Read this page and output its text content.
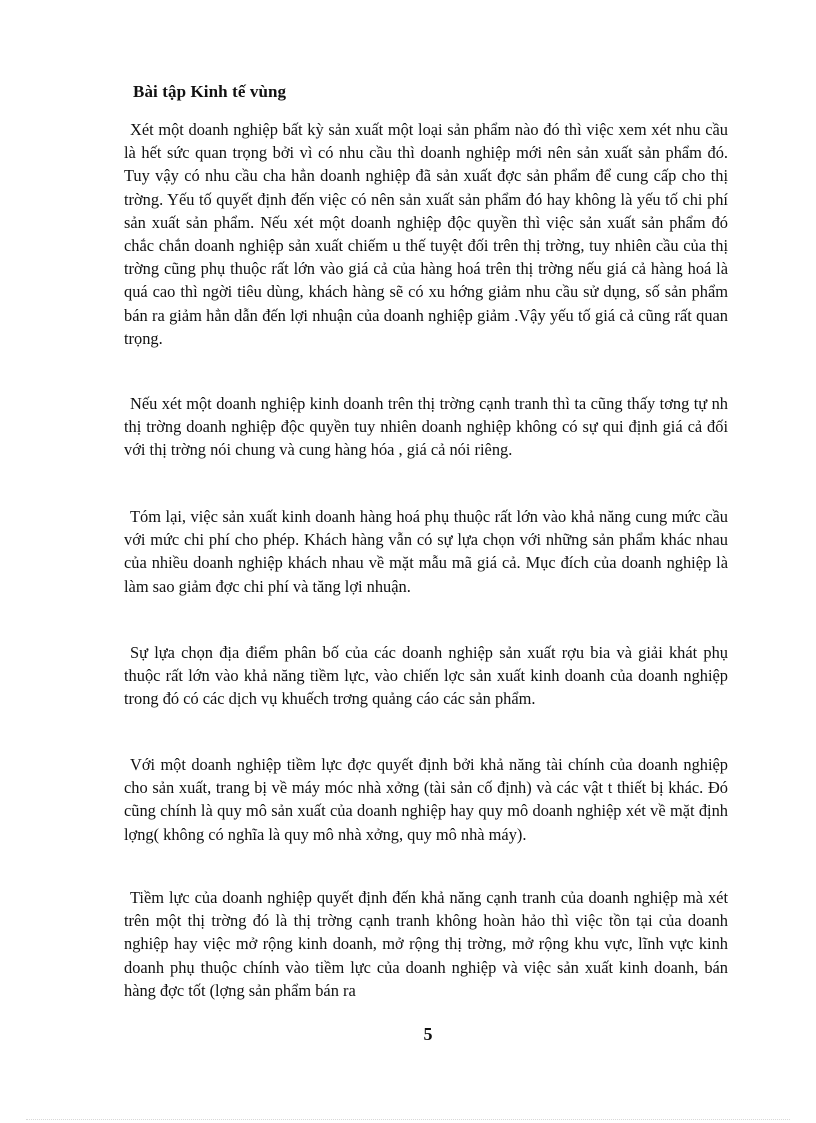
Bài tập Kinh tế vùng

Xét một doanh nghiệp bất kỳ sản xuất một loại sản phẩm nào đó thì việc xem xét nhu cầu là hết sức quan trọng bởi vì có nhu cầu thì doanh nghiệp mới nên sản xuất sản phẩm đó. Tuy vậy có nhu cầu cha hẳn doanh nghiệp đã sản xuất đợc sản phẩm để cung cấp cho thị trờng. Yếu tố quyết định đến việc có nên sản xuất sản phẩm đó hay không là yếu tố chi phí sản xuất sản phẩm. Nếu xét một doanh nghiệp độc quyền thì việc sản xuất sản phẩm đó chắc chắn doanh nghiệp sản xuất chiếm u thế tuyệt đối trên thị trờng, tuy nhiên cầu của thị trờng cũng phụ thuộc rất lớn vào giá cả của hàng hoá trên thị trờng nếu giá cả hàng hoá là quá cao thì ngời tiêu dùng, khách hàng sẽ có xu hớng giảm nhu cầu sử dụng, số sản phẩm bán ra giảm hẳn dẫn đến lợi nhuận của doanh nghiệp giảm .Vậy yếu tố giá cả cũng rất quan trọng.

Nếu xét một doanh nghiệp kinh doanh trên thị trờng cạnh tranh thì ta cũng thấy tơng tự nh thị trờng doanh nghiệp độc quyền tuy nhiên doanh nghiệp không có sự qui định giá cả đối với thị trờng nói chung và cung hàng hóa , giá cả nói riêng.

Tóm lại, việc sản xuất kinh doanh hàng hoá phụ thuộc rất lớn vào khả năng cung mức cầu với mức chi phí cho phép. Khách hàng vẫn có sự lựa chọn với những sản phẩm khác nhau của nhiều doanh nghiệp khách nhau về mặt mẫu mã giá cả. Mục đích của doanh nghiệp là làm sao giảm đợc chi phí và tăng lợi nhuận.

Sự lựa chọn địa điểm phân bố của các doanh nghiệp sản xuất rợu bia và giải khát phụ thuộc rất lớn vào khả năng tiềm lực, vào chiến lợc sản xuất kinh doanh của doanh nghiệp trong đó có các dịch vụ khuếch trơng quảng cáo các sản phẩm.

Với một doanh nghiệp tiềm lực đợc quyết định bởi khả năng tài chính của doanh nghiệp cho sản xuất, trang bị về máy móc nhà xởng (tài sản cố định) và các vật t thiết bị khác. Đó cũng chính là quy mô sản xuất của doanh nghiệp hay quy mô doanh nghiệp xét về mặt định lợng( không có nghĩa là quy mô nhà xởng, quy mô nhà máy).

Tiềm lực của doanh nghiệp quyết định đến khả năng cạnh tranh của doanh nghiệp mà xét trên một thị trờng đó là thị trờng cạnh tranh không hoàn hảo thì việc tồn tại của doanh nghiệp hay việc mở rộng kinh doanh, mở rộng thị trờng, mở rộng khu vực, lĩnh vực kinh doanh phụ thuộc chính vào tiềm lực của doanh nghiệp và việc sản xuất kinh doanh, bán hàng đợc tốt (lợng sản phẩm bán ra

5
